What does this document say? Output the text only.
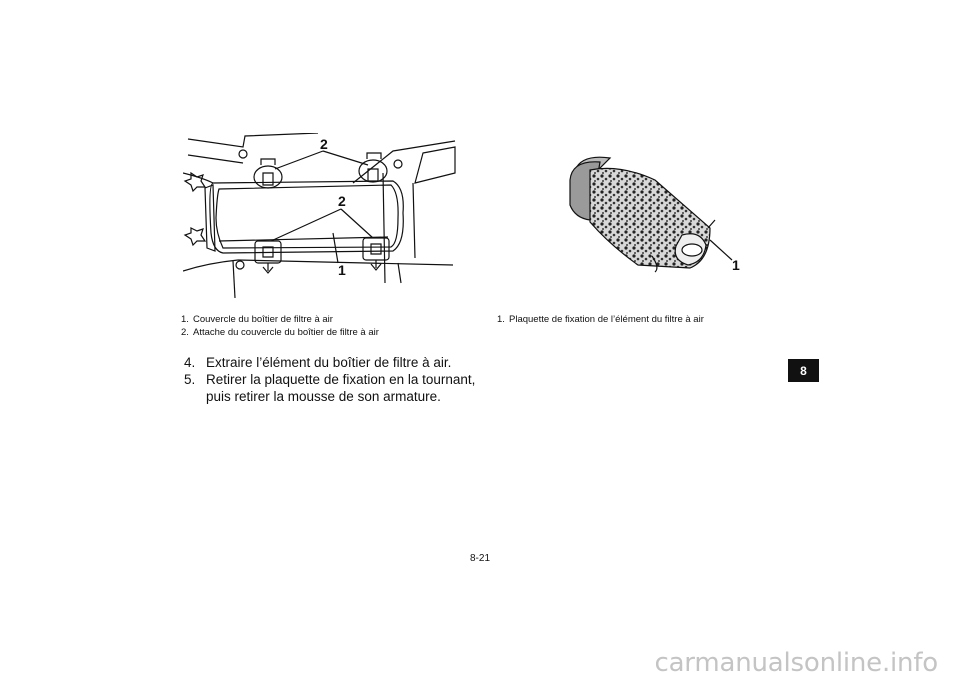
2
2
1	1
1. Couvercle du boîtier de filtre à air
2. Attache du couvercle du boîtier de filtre à air
1. Plaquette de fixation de l’élément du filtre à air
4. Extraire l’élément du boîtier de filtre à air.
5. Retirer la plaquette de fixation en la tournant,
puis retirer la mousse de son armature.
8
8-21
carmanualsonline.info
